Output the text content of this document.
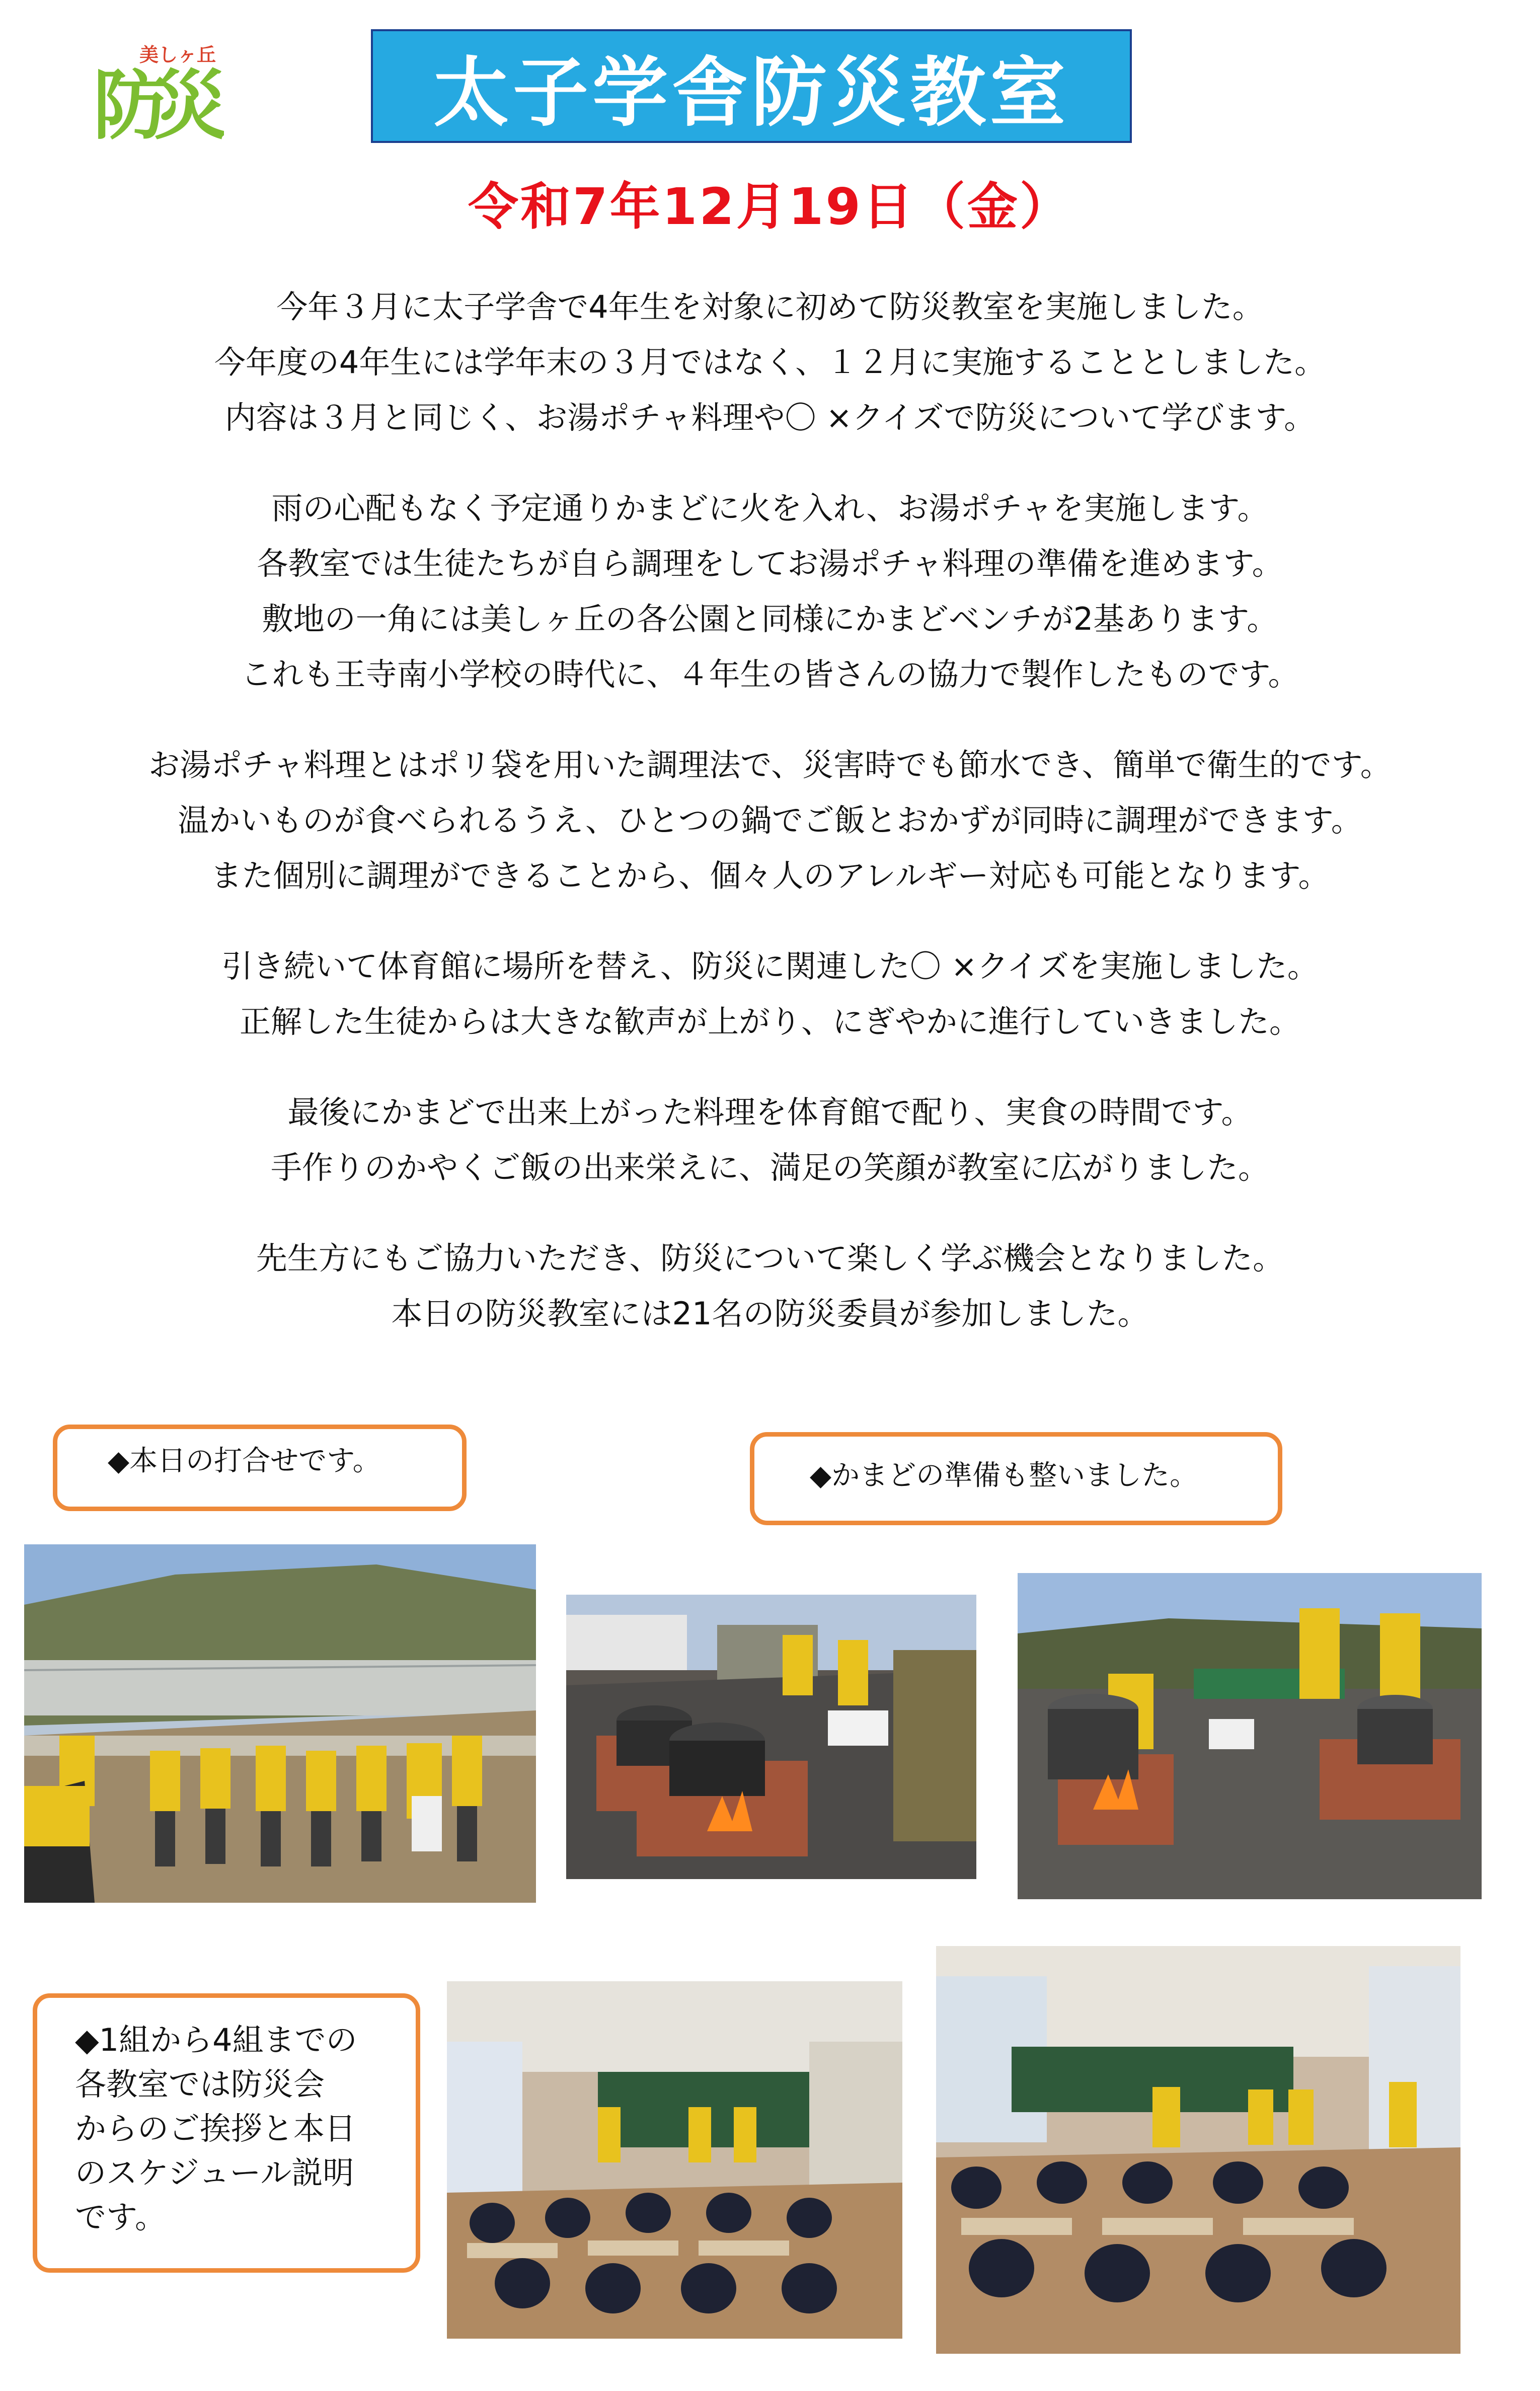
防
災
美しヶ丘	太子学舎防災教室
令和7年12月19日（金）
今年３月に太子学舎で4年生を対象に初めて防災教室を実施しました。
今年度の4年生には学年末の３月ではなく、１２月に実施することとしました。
内容は３月と同じく、お湯ポチャ料理や〇 ×クイズで防災について学びます。
雨の心配もなく予定通りかまどに火を入れ、お湯ポチャを実施します。
各教室では生徒たちが自ら調理をしてお湯ポチャ料理の準備を進めます。
敷地の一角には美しヶ丘の各公園と同様にかまどベンチが2基あります。
これも王寺南小学校の時代に、４年生の皆さんの協力で製作したものです。
お湯ポチャ料理とはポリ袋を用いた調理法で、災害時でも節水でき、簡単で衛生的です。
温かいものが食べられるうえ、ひとつの鍋でご飯とおかずが同時に調理ができます。
また個別に調理ができることから、個々人のアレルギー対応も可能となります。
引き続いて体育館に場所を替え、防災に関連した〇 ×クイズを実施しました。
正解した生徒からは大きな歓声が上がり、にぎやかに進行していきました。
最後にかまどで出来上がった料理を体育館で配り、実食の時間です。
手作りのかやくご飯の出来栄えに、満足の笑顔が教室に広がりました。
先生方にもご協力いただき、防災について楽しく学ぶ機会となりました。
本日の防災教室には21名の防災委員が参加しました。
◆本日の打合せです。	◆かまどの準備も整いました。
◆1組から4組までの
各教室では防災会
からのご挨拶と本日
のスケジュール説明
です。
